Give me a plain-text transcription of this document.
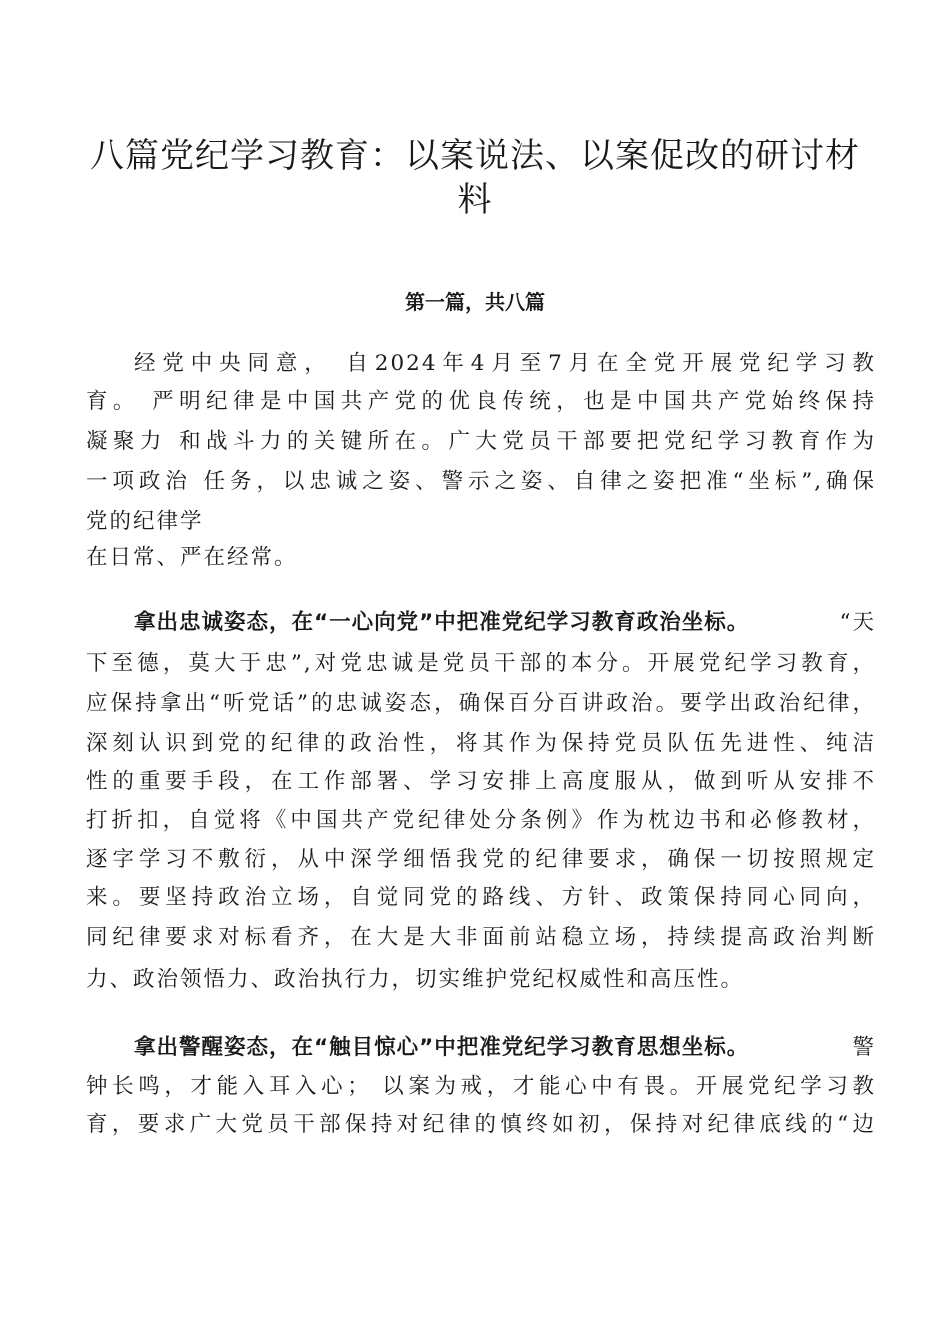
八篇党纪学习教育：以案说法、以案促改的研讨材
料
第一篇，共八篇
经党中央同意， 自2024年4月至7月在全党开展党纪学习教
育。 严明纪律是中国共产党的优良传统，也是中国共产党始终保持
凝聚力 和战斗力的关键所在。广大党员干部要把党纪学习教育作为
一项政治 任务，以忠诚之姿、警示之姿、自律之姿把准“坐标”,确保
党的纪律学
在日常、严在经常。
拿出忠诚姿态，在“一心向党”中把准党纪学习教育政治坐标。	“天
下至德，莫大于忠”,对党忠诚是党员干部的本分。开展党纪学习教育，
应保持拿出“听党话”的忠诚姿态，确保百分百讲政治。要学出政治纪律，
深刻认识到党的纪律的政治性，将其作为保持党员队伍先进性、纯洁
性的重要手段，在工作部署、学习安排上高度服从，做到听从安排不
打折扣，自觉将《中国共产党纪律处分条例》作为枕边书和必修教材，
逐字学习不敷衍，从中深学细悟我党的纪律要求，确保一切按照规定
来。要坚持政治立场，自觉同党的路线、方针、政策保持同心同向，
同纪律要求对标看齐，在大是大非面前站稳立场，持续提高政治判断
力、政治领悟力、政治执行力，切实维护党纪权威性和高压性。
拿出警醒姿态，在“触目惊心”中把准党纪学习教育思想坐标。	警
钟长鸣，才能入耳入心； 以案为戒，才能心中有畏。开展党纪学习教
育，要求广大党员干部保持对纪律的慎终如初，保持对纪律底线的“边
